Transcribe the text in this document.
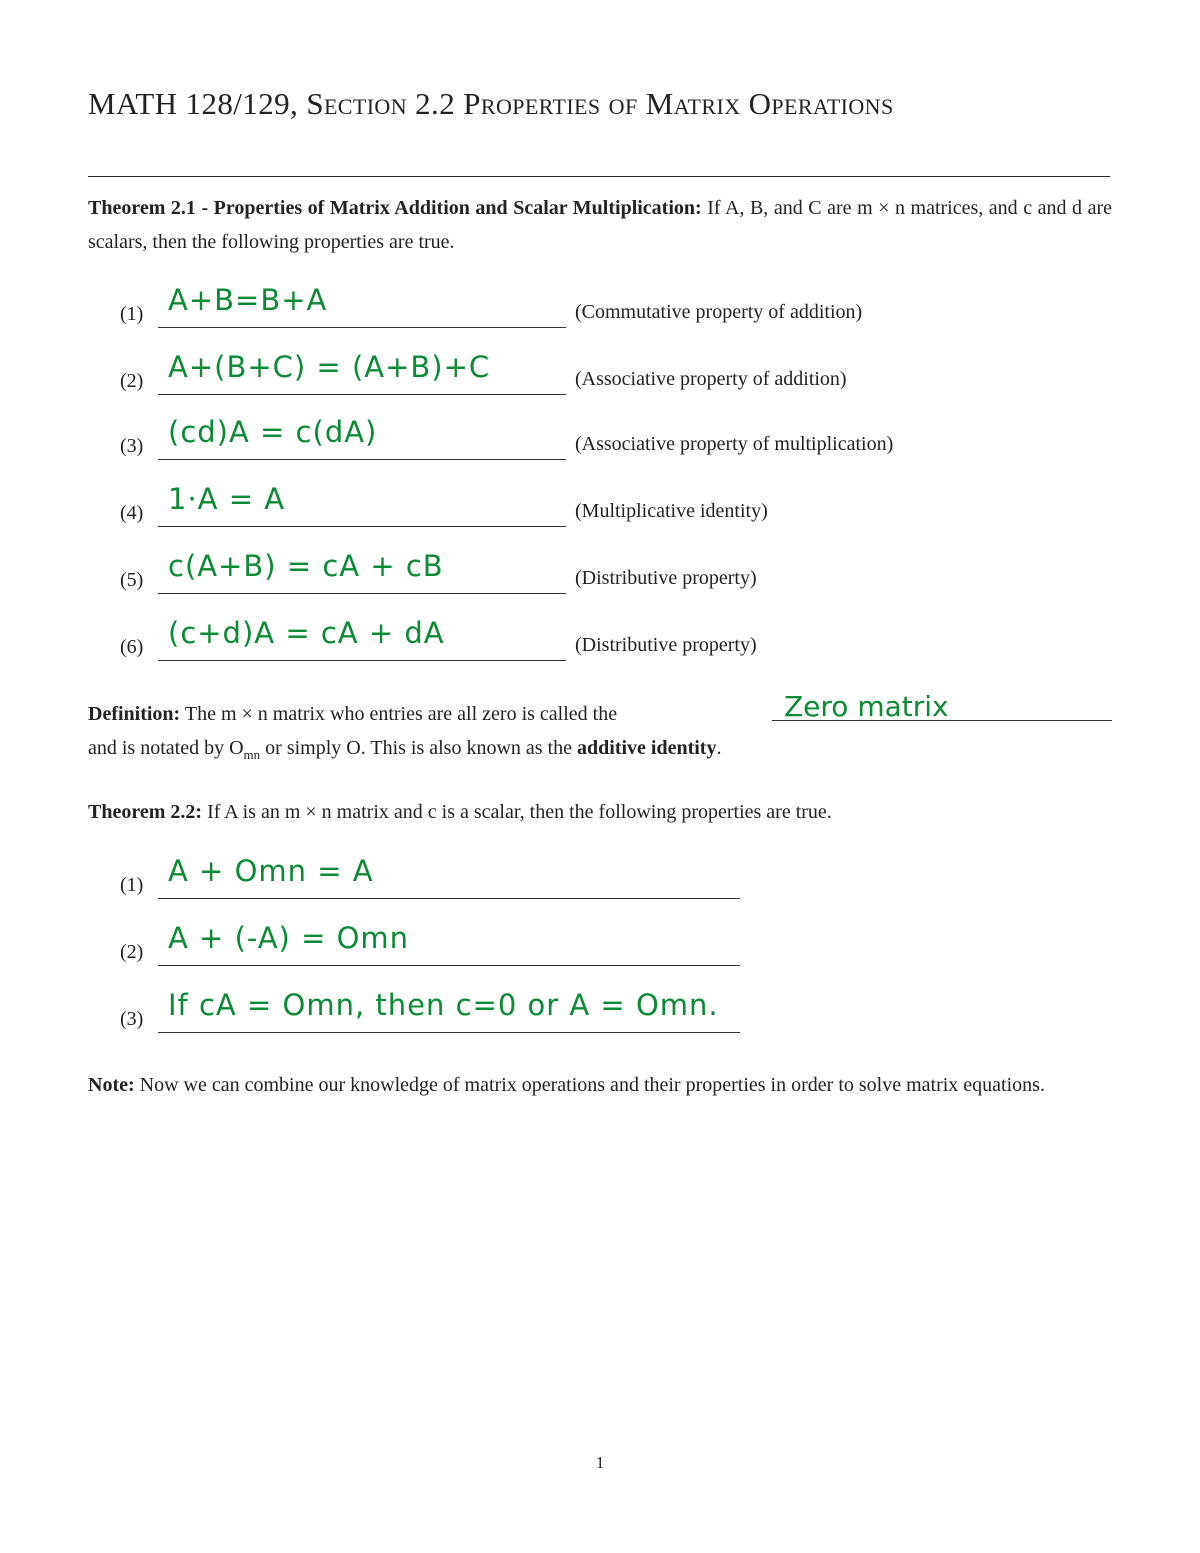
MATH 128/129, Section 2.2 Properties of Matrix Operations
Theorem 2.1 - Properties of Matrix Addition and Scalar Multiplication: If A, B, and C are m × n matrices, and c and d are scalars, then the following properties are true.
(1) A+B=B+A	(Commutative property of addition)
(2) A+(B+C) = (A+B)+C	(Associative property of addition)
(3) (cd)A = c(dA)	(Associative property of multiplication)
(4) 1·A = A	(Multiplicative identity)
(5) c(A+B) = cA + cB	(Distributive property)
(6) (c+d)A = cA + dA	(Distributive property)
Definition: The m × n matrix who entries are all zero is called the
and is notated by $O_{mn}$ or simply O. This is also known as the additive identity.
Zero matrix
Theorem 2.2: If A is an m × n matrix and c is a scalar, then the following properties are true.
(1) A + Omn = A
(2) A + (-A) = Omn
(3) If cA = Omn, then c=0 or A = Omn.
Note: Now we can combine our knowledge of matrix operations and their properties in order to solve matrix equations.
1
